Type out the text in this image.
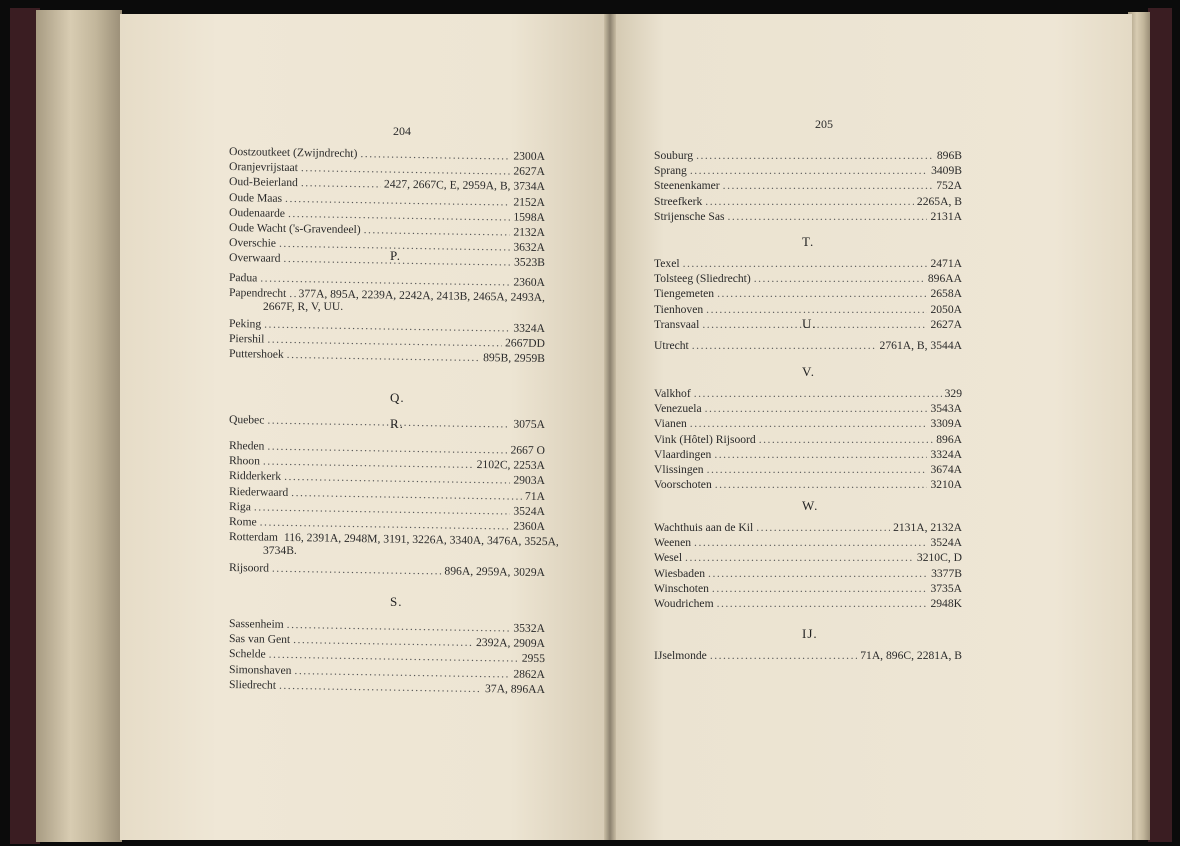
204
Oostzoutkeet (Zwijndrecht) .....	2300A
Oranjevrijstaat .....	2627A
Oud-Beierland .....	2427, 2667C, E, 2959A, B, 3734A
Oude Maas .....	2152A
Oudenaarde .....	1598A
Oude Wacht ('s-Gravendeel) .....	2132A
Overschie .....	3632A
Overwaard .....	3523B
P.
Padua .....	2360A
Papendrecht ..... 377A, 895A, 2239A, 2242A, 2413B, 2465A, 2493A,
2667F, R, V, UU.
Peking .....	3324A
Piershil .....	2667DD
Puttershoek .....	895B, 2959B
Q.
Quebec .....	3075A
R.
Rheden .....	2667 O
Rhoon .....	2102C, 2253A
Ridderkerk .....	2903A
Riederwaard .....	71A
Riga .....	3524A
Rome .....	2360A
Rotterdam ..... 116, 2391A, 2948M, 3191, 3226A, 3340A, 3476A, 3525A,
3734B.
Rijsoord .....	896A, 2959A, 3029A
S.
Sassenheim .....	3532A
Sas van Gent .....	2392A, 2909A
Schelde .....	2955
Simonshaven .....	2862A
Sliedrecht .....	37A, 896AA
205
Souburg .....	896B
Sprang .....	3409B
Steenenkamer .....	752A
Streefkerk .....	2265A, B
Strijensche Sas .....	2131A
T.
Texel .....	2471A
Tolsteeg (Sliedrecht) .....	896AA
Tiengemeten .....	2658A
Tienhoven .....	2050A
Transvaal .....	2627A
U.
Utrecht .....	2761A, B, 3544A
V.
Valkhof .....	329
Venezuela .....	3543A
Vianen .....	3309A
Vink (Hôtel) Rijsoord .....	896A
Vlaardingen .....	3324A
Vlissingen .....	3674A
Voorschoten .....	3210A
W.
Wachthuis aan de Kil .....	2131A, 2132A
Weenen .....	3524A
Wesel .....	3210C, D
Wiesbaden .....	3377B
Winschoten .....	3735A
Woudrichem .....	2948K
IJ.
IJselmonde .....	71A, 896C, 2281A, B
